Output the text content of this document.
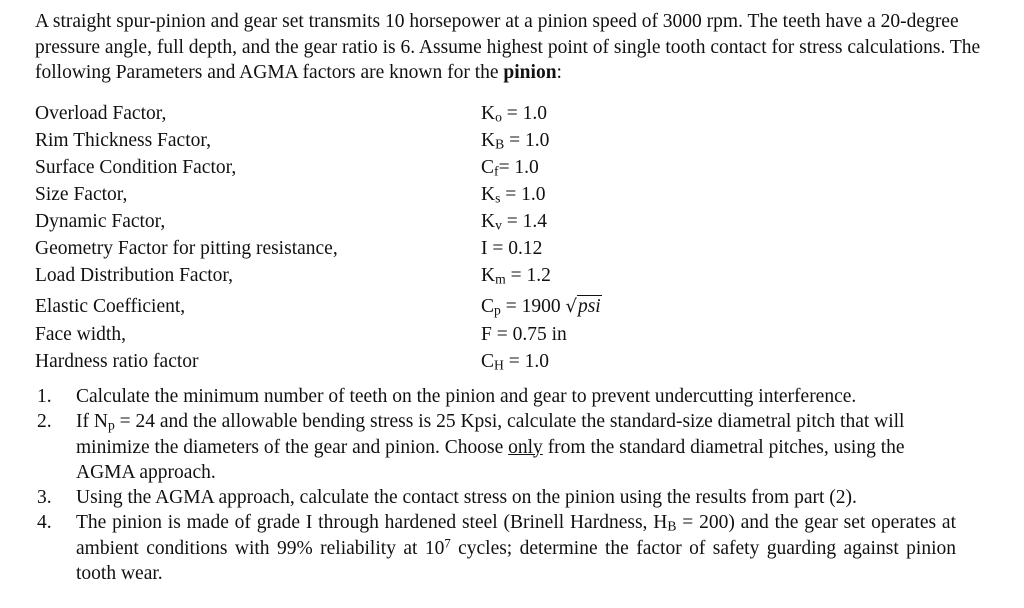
A straight spur-pinion and gear set transmits 10 horsepower at a pinion speed of 3000 rpm. The teeth have a 20-degree pressure angle, full depth, and the gear ratio is 6. Assume highest point of single tooth contact for stress calculations. The following Parameters and AGMA factors are known for the pinion:
Overload Factor,	$K_o = 1.0$
Rim Thickness Factor,	$K_B = 1.0$
Surface Condition Factor,	$C_f= 1.0$
Size Factor,	$K_s = 1.0$
Dynamic Factor,	$K_v = 1.4$
Geometry Factor for pitting resistance,	I = 0.12
Load Distribution Factor,	$K_m = 1.2$
Elastic Coefficient,	$C_p = 1900$ √psi
Face width,	F = 0.75 in
Hardness ratio factor	$C_H = 1.0$
1. Calculate the minimum number of teeth on the pinion and gear to prevent undercutting interference.
2. If $N_p = 24$ and the allowable bending stress is 25 Kpsi, calculate the standard-size diametral pitch that will minimize the diameters of the gear and pinion. Choose only from the standard diametral pitches, using the AGMA approach.
3. Using the AGMA approach, calculate the contact stress on the pinion using the results from part (2).
4. The pinion is made of grade I through hardened steel (Brinell Hardness, $H_B = 200$) and the gear set operates at ambient conditions with 99% reliability at $10^7$ cycles; determine the factor of safety guarding against pinion tooth wear.
